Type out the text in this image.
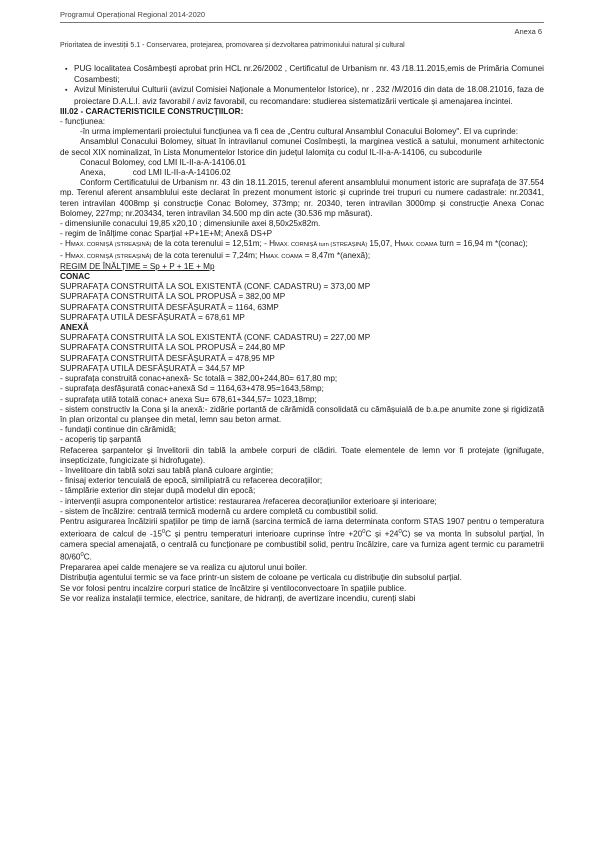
Programul Operațional Regional 2014-2020
Anexa 6
Prioritatea de investiții 5.1 - Conservarea, protejarea, promovarea și dezvoltarea patrimoniului natural și cultural

▪ PUG localitatea Cosâmbești aprobat prin HCL nr.26/2002 , Certificatul de Urbanism nr. 43 /18.11.2015,emis de Primăria Comunei Cosambesti;

▪ Avizul Ministerului Culturii (avizul Comisiei Naționale a Monumentelor Istorice), nr . 232 /M/2016 din data de 18.08.21016, faza de proiectare D.A.L.I. aviz favorabil / aviz favorabil, cu recomandare: studierea sistematizării verticale și amenajarea incintei.

III.02 - CARACTERISTICILE CONSTRUCȚIILOR:

- funcțiunea:

-în urma implementarii proiectului funcțiunea va fi cea de „Centru cultural Ansamblul Conacului Bolomey". El va cuprinde:

Ansamblul Conacului Bolomey, situat în intravilanul comunei Cosîmbești, la marginea vestică a satului, monument arhitectonic de secol XIX nominalizat, în Lista Monumentelor Istorice din județul Ialomița cu codul IL-II-a-A-14106, cu subcodurile

Conacul Bolomey, cod LMI IL-II-a-A-14106.01

Anexa,            cod LMI IL-II-a-A-14106.02

Conform Certificatului de Urbanism nr. 43 din 18.11.2015, terenul aferent ansamblului monument istoric are suprafața de 37.554 mp. Terenul aferent ansamblului este declarat în prezent monument istoric și cuprinde trei trupuri cu numere cadastrale: nr.20341, teren intravilan 4008mp și construcție Conac Bolomey, 373mp; nr. 20340, teren intravilan 3000mp și construcție Anexa Conac Bolomey, 227mp; nr.203434, teren intravilan 34.500 mp din acte (30.536 mp măsurat).

- dimensiunile conacului 19,85 x20,10 ; dimensiunile axei 8,50x25x82m.

- regim de înălțime conac Sparțial +P+1E+M; Anexă DS+P

- HMAX. CORNIȘĂ (STREAȘINĂ) de la cota terenului = 12,51m; - HMAX. CORNIȘĂ turn (STREAȘINĂ) 15,07, HMAX. COAMA turn = 16,94 m *(conac);

- HMAX. CORNIȘĂ (STREAȘINĂ) de la cota terenului = 7,24m; HMAX. COAMA = 8,47m *(anexă);

REGIM DE ÎNĂLȚIME = Sp + P + 1E + Mp

CONAC

SUPRAFAȚA CONSTRUITĂ LA SOL EXISTENTĂ (CONF. CADASTRU) = 373,00 MP

SUPRAFAȚA CONSTRUITĂ LA SOL PROPUSĂ = 382,00 MP

SUPRAFAȚA CONSTRUITĂ DESFĂȘURATĂ = 1164, 63MP

SUPRAFAȚA UTILĂ DESFĂȘURATĂ = 678,61 MP

ANEXĂ

SUPRAFAȚA CONSTRUITĂ LA SOL EXISTENTĂ (CONF. CADASTRU) = 227,00 MP

SUPRAFAȚA CONSTRUITĂ LA SOL PROPUSĂ = 244,80 MP

SUPRAFAȚA CONSTRUITĂ DESFĂȘURATĂ = 478,95 MP

SUPRAFAȚA UTILĂ DESFĂȘURATĂ = 344,57 MP

- suprafața construită conac+anexă- Sc totală = 382,00+244,80= 617,80 mp;

- suprafața desfășurată conac+anexă Sd = 1164,63+478.95=1643,58mp;

- suprafața utilă totală conac+ anexa Su= 678,61+344,57= 1023,18mp;

- sistem constructiv la Cona și la anexă:- zidărie portantă de cărămidă consolidată cu cămășuială de b.a.pe anumite zone și rigidizată în plan orizontal cu planșee din metal, lemn sau beton armat.

- fundații continue din cărămidă;

- acoperiș tip șarpantă

Refacerea șarpantelor și învelitorii din tablă la ambele corpuri de clădiri. Toate elementele de lemn vor fi protejate (ignifugate, insepticizate, fungicizate și hidrofugate).

- învelitoare din tablă solzi sau tablă plană culoare argintie;

- finisaj exterior tencuială de epocă, similipiatră cu refacerea decorațiilor;

- tâmplărie exterior din stejar după modelul din epocă;

- intervenții asupra componentelor artistice: restaurarea /refacerea decorațiunilor exterioare și interioare;

- sistem de încălzire: centrală termică modernă cu ardere completă cu combustibil solid.

Pentru asigurarea încălzirii spațiilor pe timp de iarnă (sarcina termică de iarna determinata conform STAS 1907 pentru o temperatura exterioara de calcul de $-15^0C$ și pentru temperaturi interioare cuprinse între $+20^0C$ și $+24^0C$) se va monta în subsolul parțial, în camera special amenajată, o centrală cu funcționare pe combustibil solid, pentru încălzire, care va furniza agent termic cu parametrii $80/60^0C$.

Prepararea apei calde menajere se va realiza cu ajutorul unui boiler.

Distribuția agentului termic se va face printr-un sistem de coloane pe verticala cu distribuție din subsolul parțial.

Se vor folosi pentru incalzire corpuri statice de încălzire și ventiloconvectoare în spațiile publice.

Se vor realiza instalații termice, electrice, sanitare, de hidranți, de avertizare incendiu, curenți slabi
